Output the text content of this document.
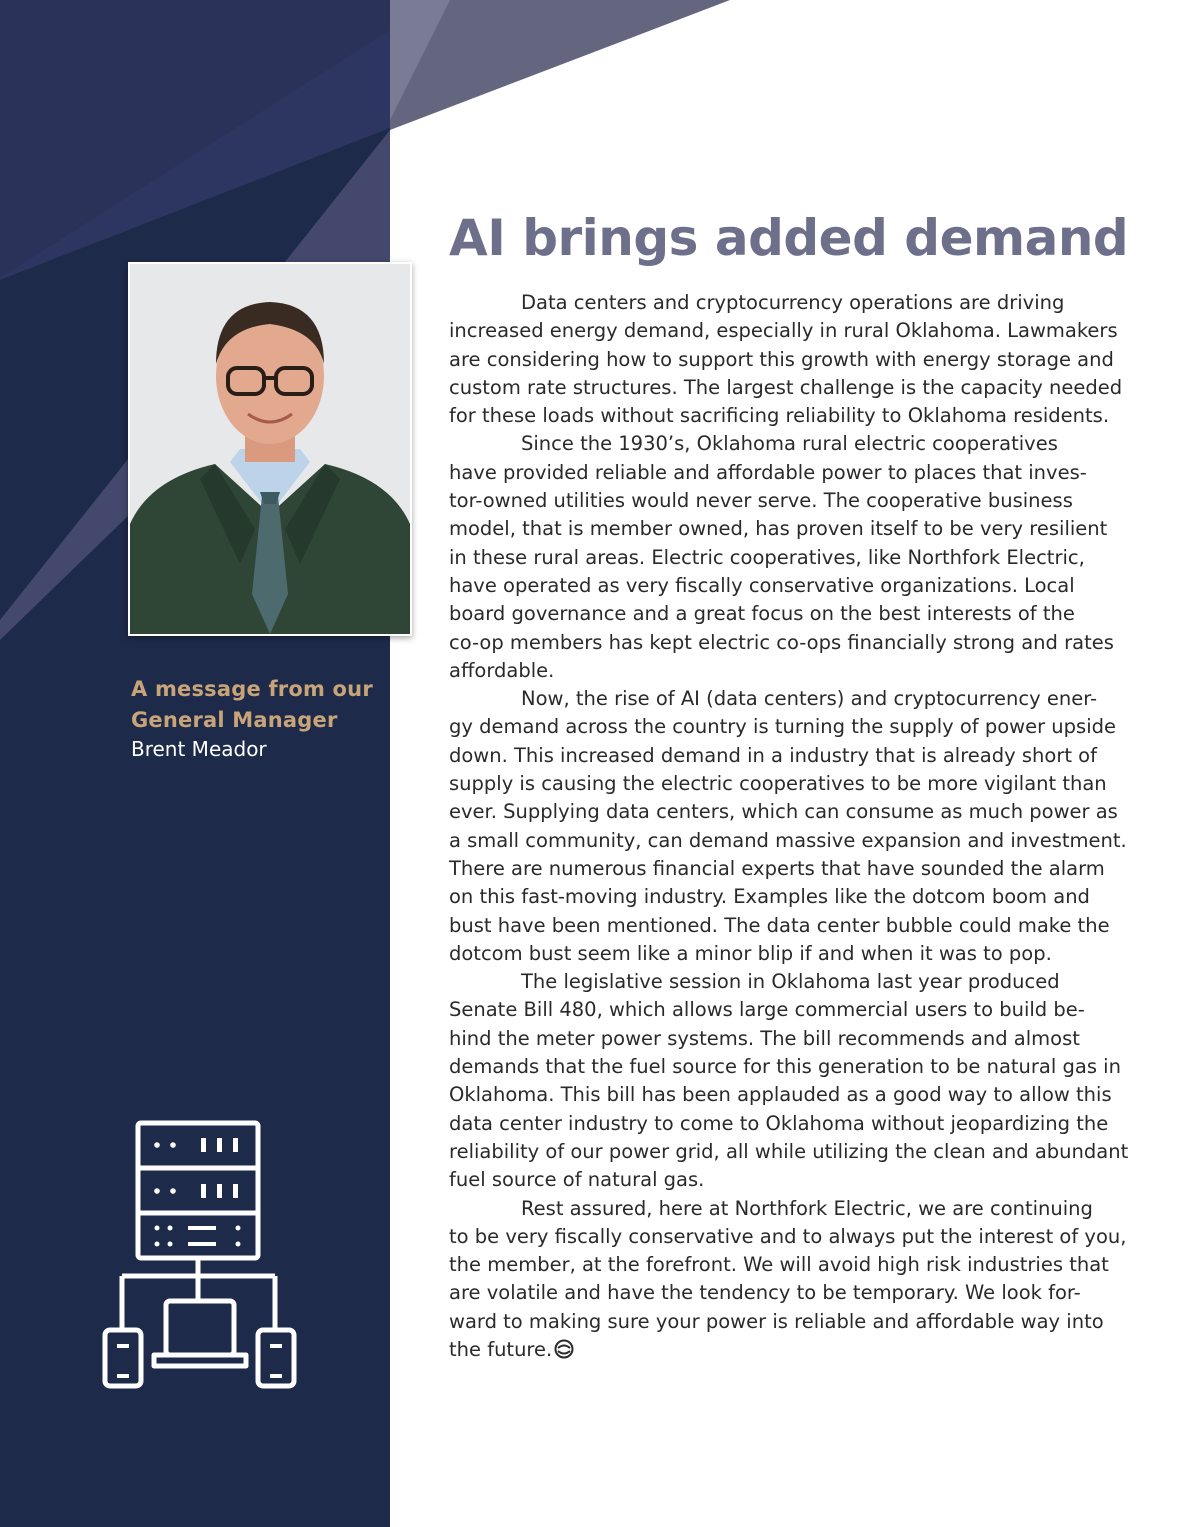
A message from our
General Manager
Brent Meador
AI brings added demand
Data centers and cryptocurrency operations are driving
increased energy demand, especially in rural Oklahoma. Lawmakers
are considering how to support this growth with energy storage and
custom rate structures. The largest challenge is the capacity needed
for these loads without sacrificing reliability to Oklahoma residents.
Since the 1930’s, Oklahoma rural electric cooperatives
have provided reliable and affordable power to places that inves-
tor-owned utilities would never serve. The cooperative business
model, that is member owned, has proven itself to be very resilient
in these rural areas. Electric cooperatives, like Northfork Electric,
have operated as very fiscally conservative organizations. Local
board governance and a great focus on the best interests of the
co-op members has kept electric co-ops financially strong and rates
affordable.
Now, the rise of AI (data centers) and cryptocurrency ener-
gy demand across the country is turning the supply of power upside
down. This increased demand in a industry that is already short of
supply is causing the electric cooperatives to be more vigilant than
ever. Supplying data centers, which can consume as much power as
a small community, can demand massive expansion and investment.
There are numerous financial experts that have sounded the alarm
on this fast-moving industry. Examples like the dotcom boom and
bust have been mentioned. The data center bubble could make the
dotcom bust seem like a minor blip if and when it was to pop.
The legislative session in Oklahoma last year produced
Senate Bill 480, which allows large commercial users to build be-
hind the meter power systems. The bill recommends and almost
demands that the fuel source for this generation to be natural gas in
Oklahoma. This bill has been applauded as a good way to allow this
data center industry to come to Oklahoma without jeopardizing the
reliability of our power grid, all while utilizing the clean and abundant
fuel source of natural gas.
Rest assured, here at Northfork Electric, we are continuing
to be very fiscally conservative and to always put the interest of you,
the member, at the forefront. We will avoid high risk industries that
are volatile and have the tendency to be temporary. We look for-
ward to making sure your power is reliable and affordable way into
the future.
